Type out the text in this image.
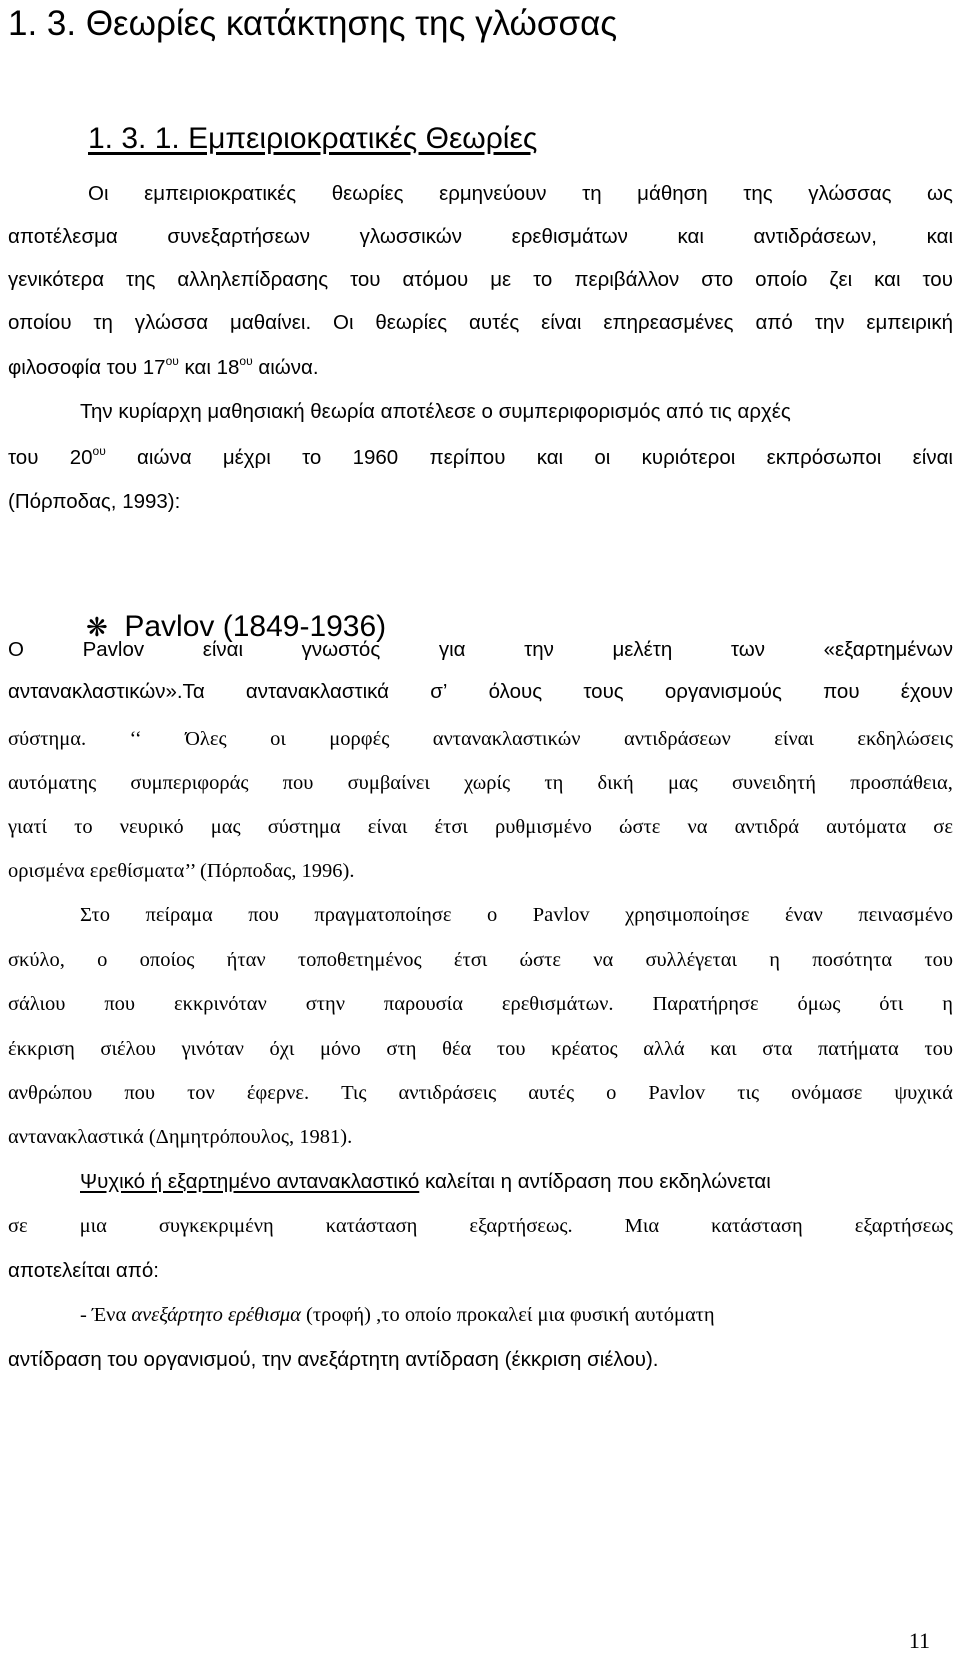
1. 3. Θεωρίες κατάκτησης της γλώσσας
1. 3. 1. Εμπειριοκρατικές Θεωρίες
Οι εμπειριοκρατικές θεωρίες ερμηνεύουν τη μάθηση της γλώσσας ως
αποτέλεσμα συνεξαρτήσεων γλωσσικών ερεθισμάτων και αντιδράσεων, και
γενικότερα της αλληλεπίδρασης του ατόμου με το περιβάλλον στο οποίο ζει και του
οποίου τη γλώσσα μαθαίνει. Οι θεωρίες αυτές είναι επηρεασμένες από την εμπειρική
φιλοσοφία του $17^{o\upsilon}$ και $18^{o\upsilon}$ αιώνα.
Την κυρίαρχη μαθησιακή θεωρία αποτέλεσε ο συμπεριφορισμός από τις αρχές
του $20^{o\upsilon}$ αιώνα μέχρι το 1960 περίπου και οι κυριότεροι εκπρόσωποι είναι
(Πόρποδας, 1993):
❋ Pavlov (1849-1936)
Ο	Pavlov	είναι	γνωστός	για	την	μελέτη	των	«εξαρτημένων
αντανακλαστικών».Τα αντανακλαστικά σ’ όλους τους οργανισμούς που έχουν
σύστημα. ‘‘ Όλες οι μορφές αντανακλαστικών αντιδράσεων είναι εκδηλώσεις
αυτόματης συμπεριφοράς που συμβαίνει χωρίς τη δική μας συνειδητή προσπάθεια,
γιατί το νευρικό μας σύστημα είναι έτσι ρυθμισμένο ώστε να αντιδρά αυτόματα σε
ορισμένα ερεθίσματα’’ (Πόρποδας, 1996).
Στο πείραμα που πραγματοποίησε ο Pavlov χρησιμοποίησε έναν πεινασμένο
σκύλο, ο οποίος ήταν τοποθετημένος έτσι ώστε να συλλέγεται η ποσότητα του
σάλιου που εκκρινόταν στην παρουσία ερεθισμάτων. Παρατήρησε όμως ότι η
έκκριση σιέλου γινόταν όχι μόνο στη θέα του κρέατος αλλά και στα πατήματα του
ανθρώπου που τον έφερνε. Τις αντιδράσεις αυτές ο Pavlov τις ονόμασε ψυχικά
αντανακλαστικά (Δημητρόπουλος, 1981).
Ψυχικό ή εξαρτημένο αντανακλαστικό καλείται η αντίδραση που εκδηλώνεται
σε	μια	συγκεκριμένη	κατάσταση	εξαρτήσεως.	Μια	κατάσταση	εξαρτήσεως
αποτελείται από:
- Ένα ανεξάρτητο ερέθισμα (τροφή) ,το οποίο προκαλεί μια φυσική αυτόματη
αντίδραση του οργανισμού, την ανεξάρτητη αντίδραση (έκκριση σιέλου).
11
